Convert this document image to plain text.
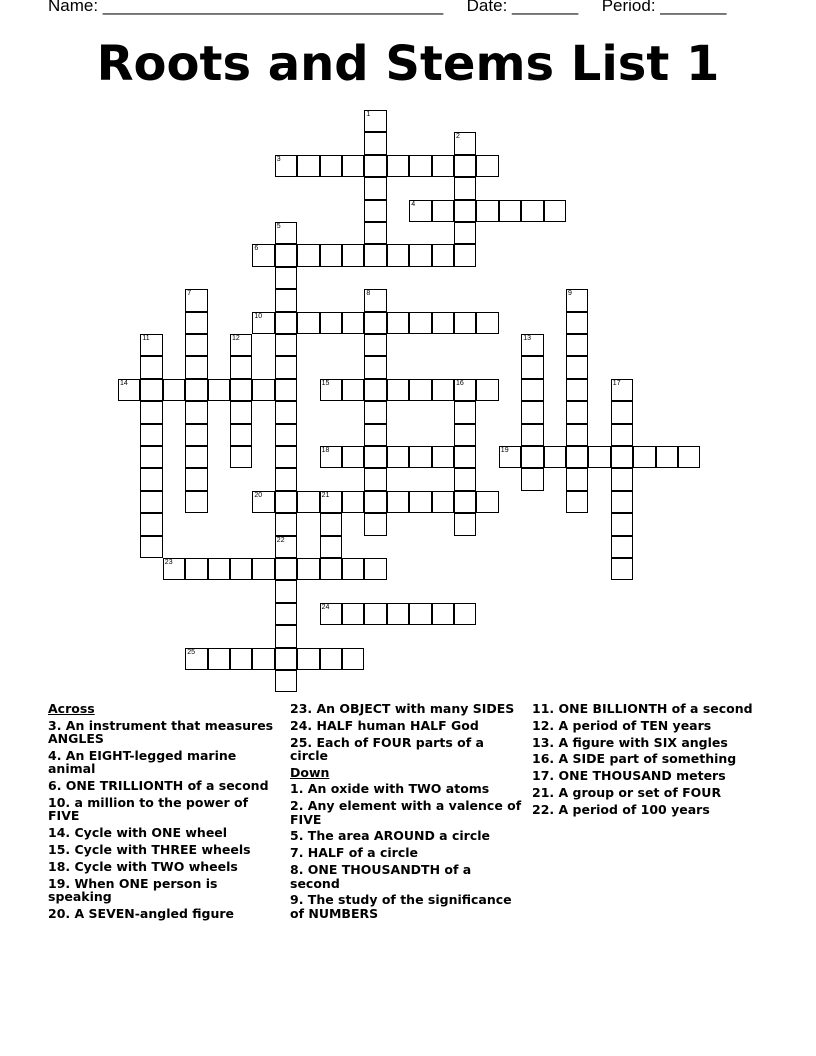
Name: ____________________________________ Date: _______ Period: _______
Roots and Stems List 1
1
2
3
4
5
6
7	8	9
10
11	12	13
14	15	16	17
18	19
20	21
22
23
24
25
Across
3. An instrument that measures ANGLES
4. An EIGHT-legged marine animal
6. ONE TRILLIONTH of a second
10. a million to the power of FIVE
14. Cycle with ONE wheel
15. Cycle with THREE wheels
18. Cycle with TWO wheels
19. When ONE person is speaking
20. A SEVEN-angled figure
23. An OBJECT with many SIDES
24. HALF human HALF God
25. Each of FOUR parts of a circle
Down
1. An oxide with TWO atoms
2. Any element with a valence of FIVE
5. The area AROUND a circle
7. HALF of a circle
8. ONE THOUSANDTH of a second
9. The study of the significance of NUMBERS
11. ONE BILLIONTH of a second
12. A period of TEN years
13. A figure with SIX angles
16. A SIDE part of something
17. ONE THOUSAND meters
21. A group or set of FOUR
22. A period of 100 years
